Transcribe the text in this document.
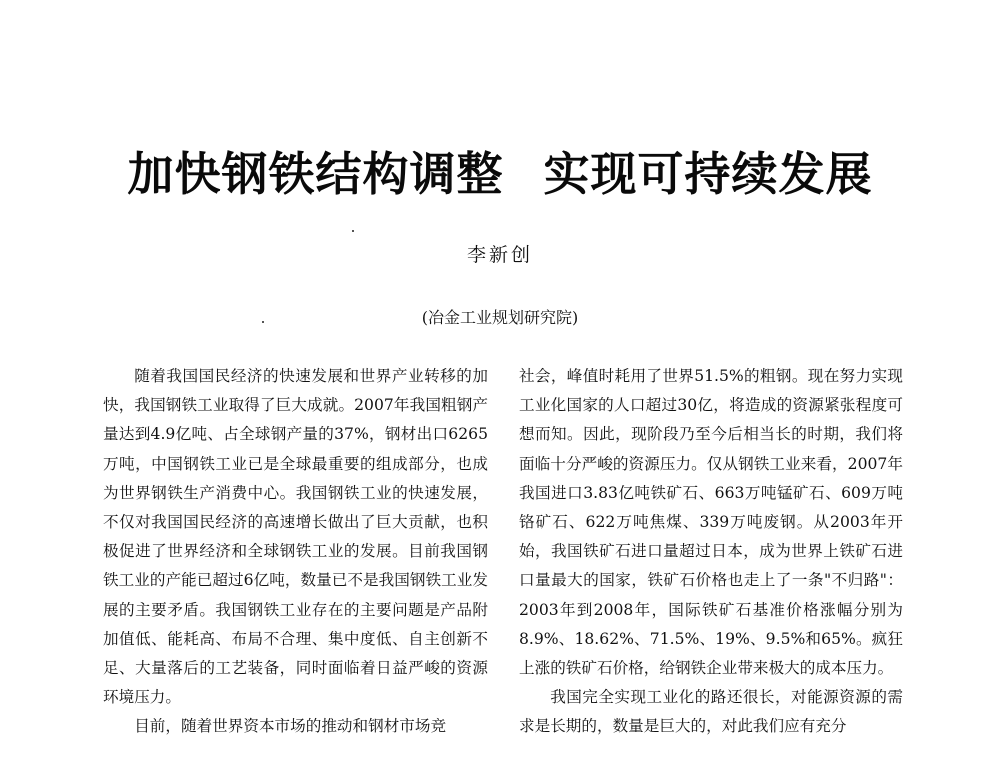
加快钢铁结构调整 实现可持续发展
李新创
(冶金工业规划研究院)

随着我国国民经济的快速发展和世界产业转移的加快，我国钢铁工业取得了巨大成就。2007年我国粗钢产量达到4.9亿吨、占全球钢产量的37%，钢材出口6265万吨，中国钢铁工业已是全球最重要的组成部分，也成为世界钢铁生产消费中心。我国钢铁工业的快速发展，不仅对我国国民经济的高速增长做出了巨大贡献，也积极促进了世界经济和全球钢铁工业的发展。目前我国钢铁工业的产能已超过6亿吨，数量已不是我国钢铁工业发展的主要矛盾。我国钢铁工业存在的主要问题是产品附加值低、能耗高、布局不合理、集中度低、自主创新不足、大量落后的工艺装备，同时面临着日益严峻的资源环境压力。

目前，随着世界资本市场的推动和钢材市场竞

社会，峰值时耗用了世界51.5%的粗钢。现在努力实现工业化国家的人口超过30亿，将造成的资源紧张程度可想而知。因此，现阶段乃至今后相当长的时期，我们将面临十分严峻的资源压力。仅从钢铁工业来看，2007年我国进口3.83亿吨铁矿石、663万吨锰矿石、609万吨铬矿石、622万吨焦煤、339万吨废钢。从2003年开始，我国铁矿石进口量超过日本，成为世界上铁矿石进口量最大的国家，铁矿石价格也走上了一条"不归路"：2003年到2008年，国际铁矿石基准价格涨幅分别为8.9%、18.62%、71.5%、19%、9.5%和65%。疯狂上涨的铁矿石价格，给钢铁企业带来极大的成本压力。

我国完全实现工业化的路还很长，对能源资源的需求是长期的，数量是巨大的，对此我们应有充分
